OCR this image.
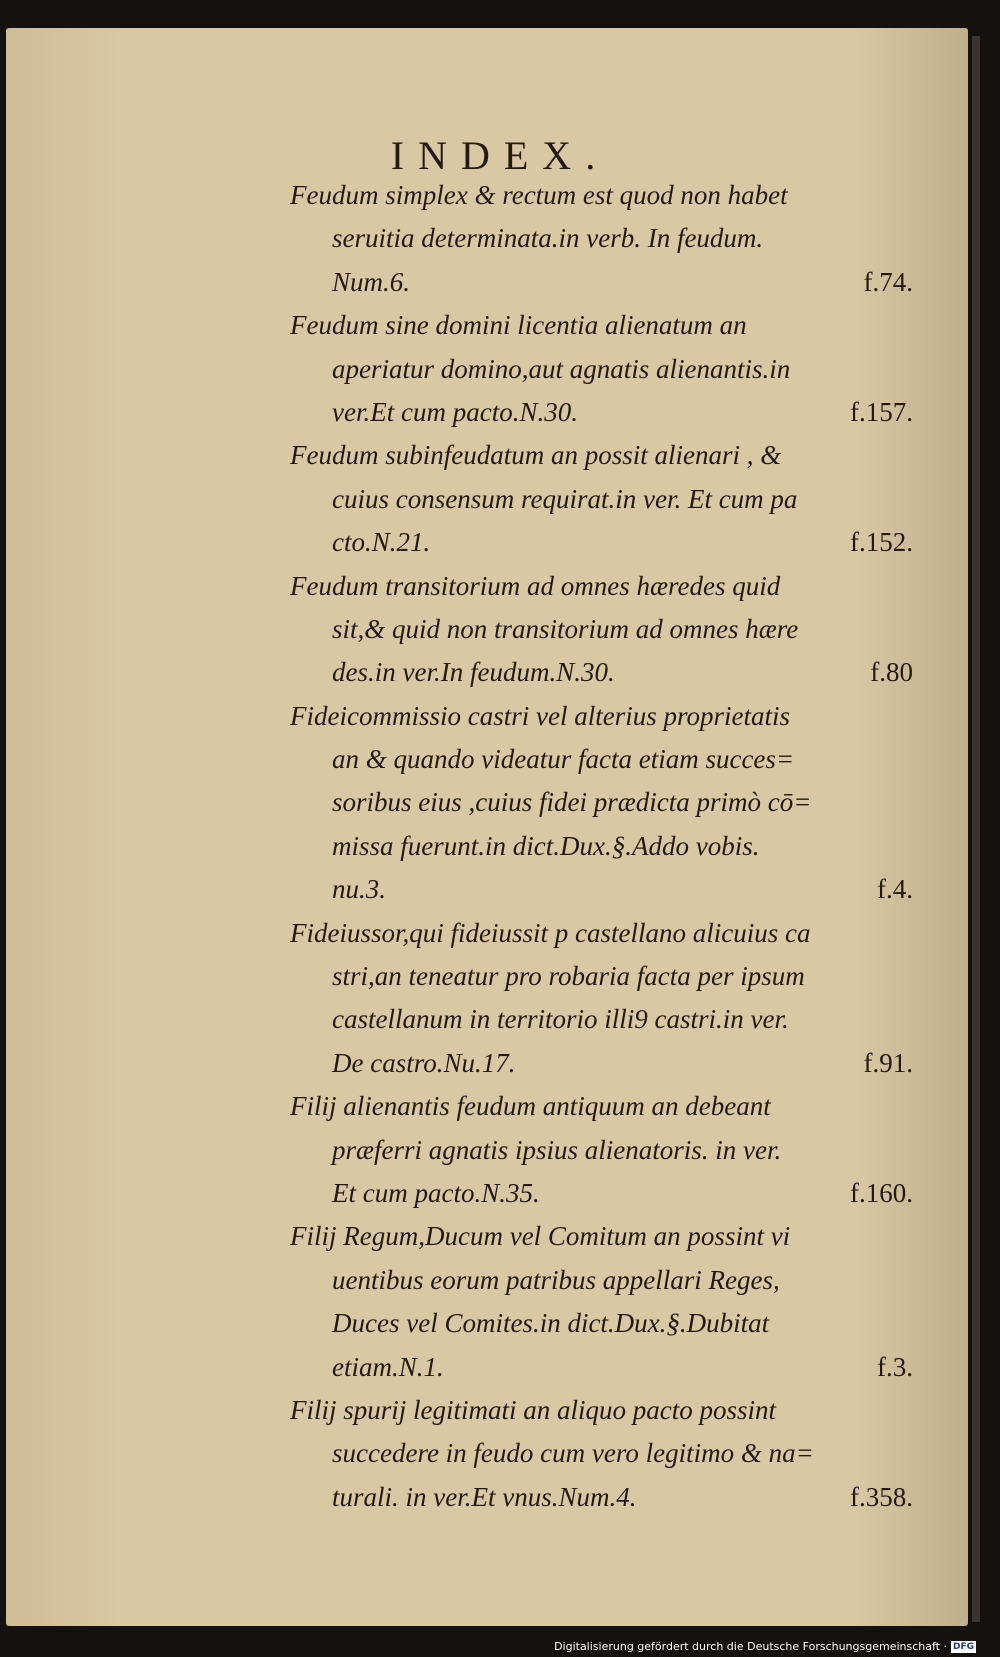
INDEX.
Feudum simplex & rectum est quod non habet
seruitia determinata.in verb. In feudum.
Num.6.	f.74.
Feudum sine domini licentia alienatum an
aperiatur domino,aut agnatis alienantis.in
ver.Et cum pacto.N.30.	f.157.
Feudum subinfeudatum an possit alienari , &
cuius consensum requirat.in ver. Et cum pa
cto.N.21.	f.152.
Feudum transitorium ad omnes hæredes quid
sit,& quid non transitorium ad omnes hære
des.in ver.In feudum.N.30.	f.80
Fideicommissio castri vel alterius proprietatis
an & quando videatur facta etiam succes=
soribus eius ,cuius fidei prædicta primò cō=
missa fuerunt.in dict.Dux.§.Addo vobis.
nu.3.	f.4.
Fideiussor,qui fideiussit p castellano alicuius ca
stri,an teneatur pro robaria facta per ipsum
castellanum in territorio illi9 castri.in ver.
De castro.Nu.17.	f.91.
Filij alienantis feudum antiquum an debeant
præferri agnatis ipsius alienatoris. in ver.
Et cum pacto.N.35.	f.160.
Filij Regum,Ducum vel Comitum an possint vi
uentibus eorum patribus appellari Reges,
Duces vel Comites.in dict.Dux.§.Dubitat
etiam.N.1.	f.3.
Filij spurij legitimati an aliquo pacto possint
succedere in feudo cum vero legitimo & na=
turali. in ver.Et vnus.Num.4.	f.358.
Digitalisierung gefördert durch die Deutsche Forschungsgemeinschaft · DFG
